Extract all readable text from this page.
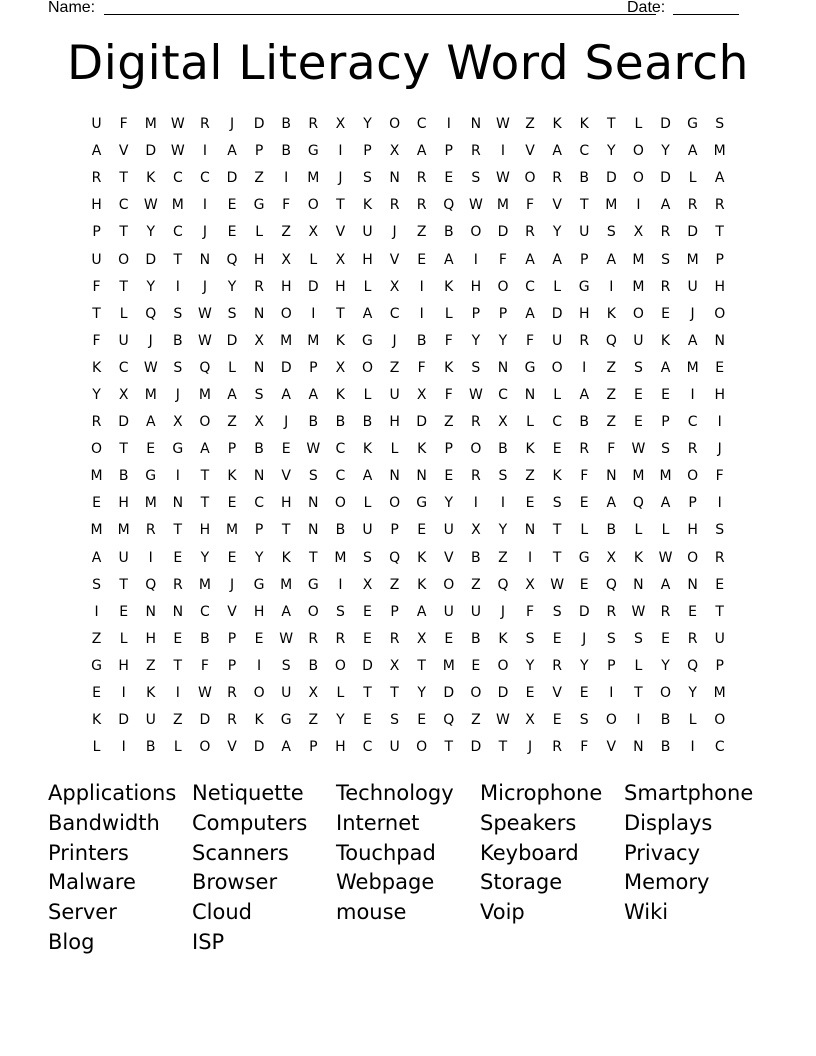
Name:	Date:
Digital Literacy Word Search
U	F	M	W	R	J	D	B	R	X	Y	O	C	I	N	W	Z	K	K	T	L	D	G	S
A	V	D	W	I	A	P	B	G	I	P	X	A	P	R	I	V	A	C	Y	O	Y	A	M
R	T	K	C	C	D	Z	I	M	J	S	N	R	E	S	W	O	R	B	D	O	D	L	A
H	C	W	M	I	E	G	F	O	T	K	R	R	Q	W	M	F	V	T	M	I	A	R	R
P	T	Y	C	J	E	L	Z	X	V	U	J	Z	B	O	D	R	Y	U	S	X	R	D	T
U	O	D	T	N	Q	H	X	L	X	H	V	E	A	I	F	A	A	P	A	M	S	M	P
F	T	Y	I	J	Y	R	H	D	H	L	X	I	K	H	O	C	L	G	I	M	R	U	H
T	L	Q	S	W	S	N	O	I	T	A	C	I	L	P	P	A	D	H	K	O	E	J	O
F	U	J	B	W	D	X	M	M	K	G	J	B	F	Y	Y	F	U	R	Q	U	K	A	N
K	C	W	S	Q	L	N	D	P	X	O	Z	F	K	S	N	G	O	I	Z	S	A	M	E
Y	X	M	J	M	A	S	A	A	K	L	U	X	F	W	C	N	L	A	Z	E	E	I	H
R	D	A	X	O	Z	X	J	B	B	B	H	D	Z	R	X	L	C	B	Z	E	P	C	I
O	T	E	G	A	P	B	E	W	C	K	L	K	P	O	B	K	E	R	F	W	S	R	J
M	B	G	I	T	K	N	V	S	C	A	N	N	E	R	S	Z	K	F	N	M	M	O	F
E	H	M	N	T	E	C	H	N	O	L	O	G	Y	I	I	E	S	E	A	Q	A	P	I
M	M	R	T	H	M	P	T	N	B	U	P	E	U	X	Y	N	T	L	B	L	L	H	S
A	U	I	E	Y	E	Y	K	T	M	S	Q	K	V	B	Z	I	T	G	X	K	W	O	R
S	T	Q	R	M	J	G	M	G	I	X	Z	K	O	Z	Q	X	W	E	Q	N	A	N	E
I	E	N	N	C	V	H	A	O	S	E	P	A	U	U	J	F	S	D	R	W	R	E	T
Z	L	H	E	B	P	E	W	R	R	E	R	X	E	B	K	S	E	J	S	S	E	R	U
G	H	Z	T	F	P	I	S	B	O	D	X	T	M	E	O	Y	R	Y	P	L	Y	Q	P
E	I	K	I	W	R	O	U	X	L	T	T	Y	D	O	D	E	V	E	I	T	O	Y	M
K	D	U	Z	D	R	K	G	Z	Y	E	S	E	Q	Z	W	X	E	S	O	I	B	L	O
L	I	B	L	O	V	D	A	P	H	C	U	O	T	D	T	J	R	F	V	N	B	I	C
Applications
Bandwidth
Printers
Malware
Server
Blog
Netiquette
Computers
Scanners
Browser
Cloud
ISP
Technology
Internet
Touchpad
Webpage
mouse
Microphone
Speakers
Keyboard
Storage
Voip
Smartphone
Displays
Privacy
Memory
Wiki
